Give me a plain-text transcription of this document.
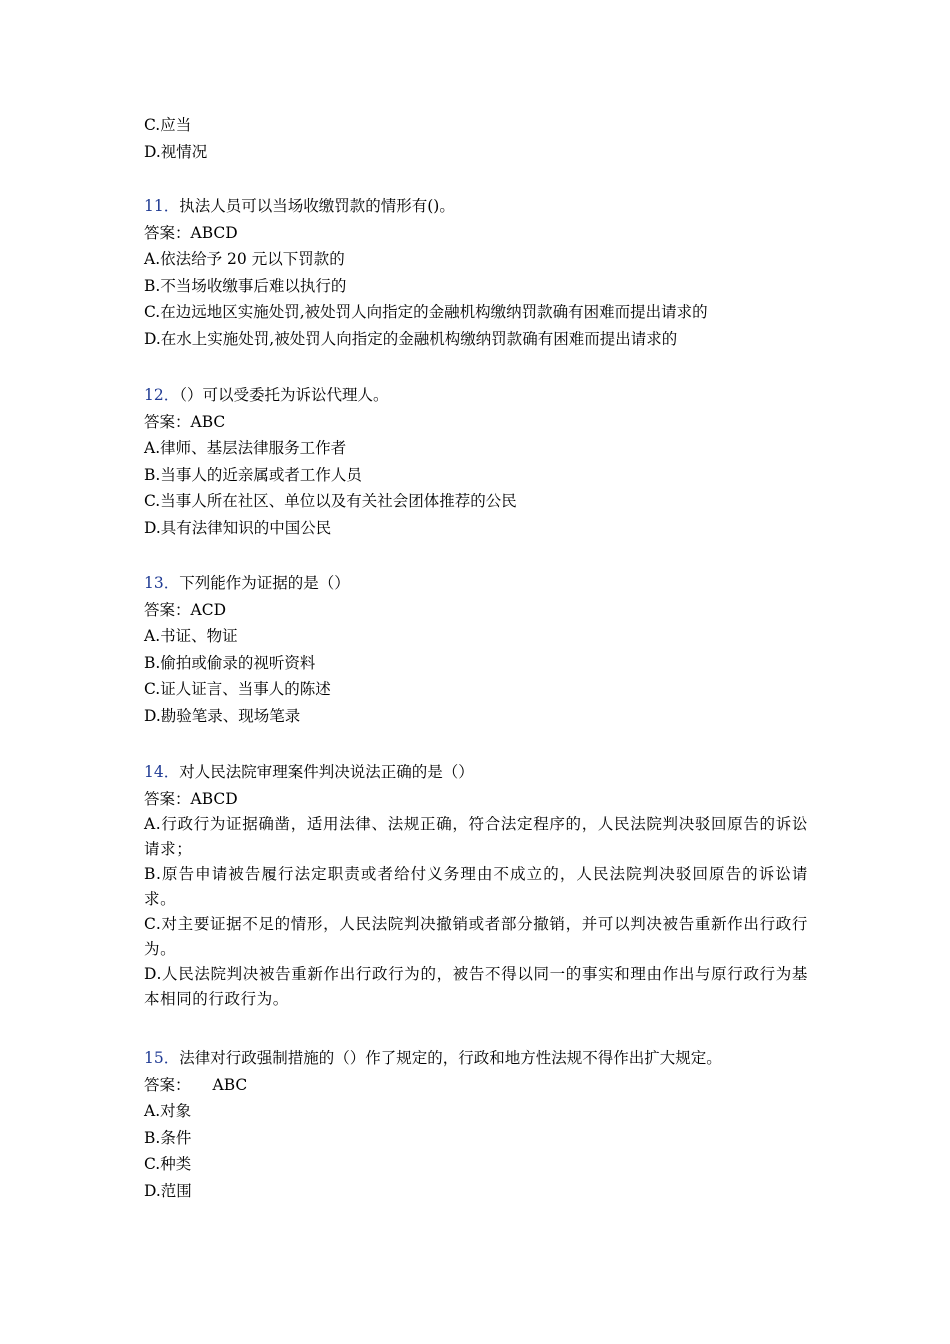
C.应当
D.视情况
11．执法人员可以当场收缴罚款的情形有()。
答案：ABCD
A.依法给予 20 元以下罚款的
B.不当场收缴事后难以执行的
C.在边远地区实施处罚,被处罚人向指定的金融机构缴纳罚款确有困难而提出请求的
D.在水上实施处罚,被处罚人向指定的金融机构缴纳罚款确有困难而提出请求的
12．（）可以受委托为诉讼代理人。
答案：ABC
A.律师、基层法律服务工作者
B.当事人的近亲属或者工作人员
C.当事人所在社区、单位以及有关社会团体推荐的公民
D.具有法律知识的中国公民
13．下列能作为证据的是（）
答案：ACD
A.书证、物证
B.偷拍或偷录的视听资料
C.证人证言、当事人的陈述
D.勘验笔录、现场笔录
14．对人民法院审理案件判决说法正确的是（）
答案：ABCD
A.行政行为证据确凿，适用法律、法规正确，符合法定程序的，人民法院判决驳回原告的诉讼请求；
B.原告申请被告履行法定职责或者给付义务理由不成立的，人民法院判决驳回原告的诉讼请求。
C.对主要证据不足的情形，人民法院判决撤销或者部分撤销，并可以判决被告重新作出行政行为。
D.人民法院判决被告重新作出行政行为的，被告不得以同一的事实和理由作出与原行政行为基本相同的行政行为。
15．法律对行政强制措施的（）作了规定的，行政和地方性法规不得作出扩大规定。
答案： ABC
A.对象
B.条件
C.种类
D.范围
